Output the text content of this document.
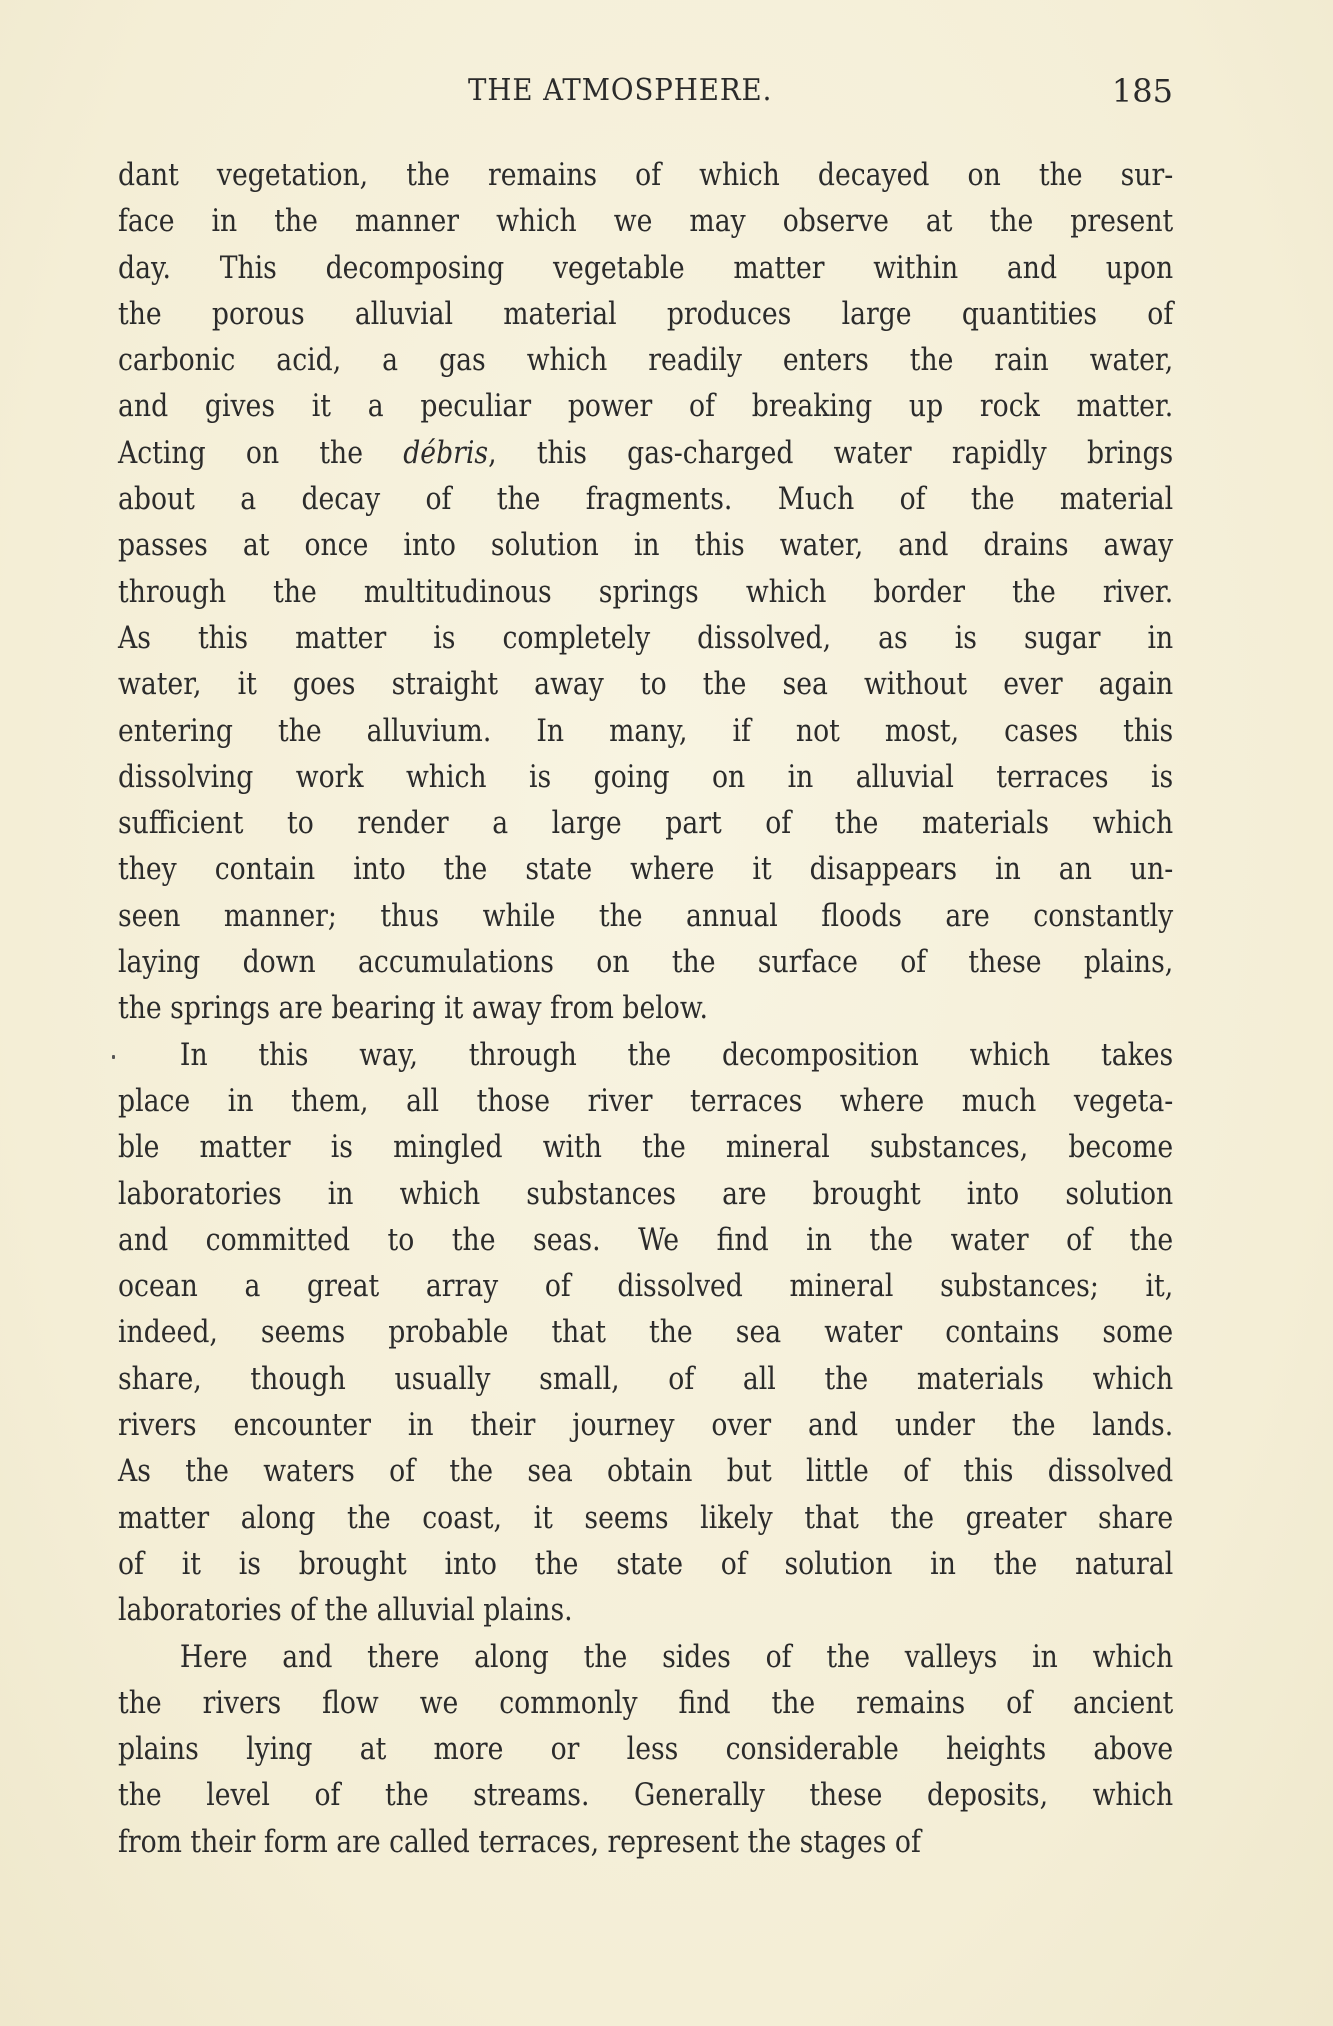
THE ATMOSPHERE.	185
dant vegetation, the remains of which decayed on the sur-
face in the manner which we may observe at the present
day. This decomposing vegetable matter within and upon
the porous alluvial material produces large quantities of
carbonic acid, a gas which readily enters the rain water,
and gives it a peculiar power of breaking up rock matter.
Acting on the débris, this gas-charged water rapidly brings
about a decay of the fragments. Much of the material
passes at once into solution in this water, and drains away
through the multitudinous springs which border the river.
As this matter is completely dissolved, as is sugar in
water, it goes straight away to the sea without ever again
entering the alluvium. In many, if not most, cases this
dissolving work which is going on in alluvial terraces is
sufficient to render a large part of the materials which
they contain into the state where it disappears in an un-
seen manner; thus while the annual floods are constantly
laying down accumulations on the surface of these plains,
the springs are bearing it away from below.
In this way, through the decomposition which takes
place in them, all those river terraces where much vegeta-
ble matter is mingled with the mineral substances, become
laboratories in which substances are brought into solution
and committed to the seas. We find in the water of the
ocean a great array of dissolved mineral substances; it,
indeed, seems probable that the sea water contains some
share, though usually small, of all the materials which
rivers encounter in their journey over and under the lands.
As the waters of the sea obtain but little of this dissolved
matter along the coast, it seems likely that the greater share
of it is brought into the state of solution in the natural
laboratories of the alluvial plains.
Here and there along the sides of the valleys in which
the rivers flow we commonly find the remains of ancient
plains lying at more or less considerable heights above
the level of the streams. Generally these deposits, which
from their form are called terraces, represent the stages of
